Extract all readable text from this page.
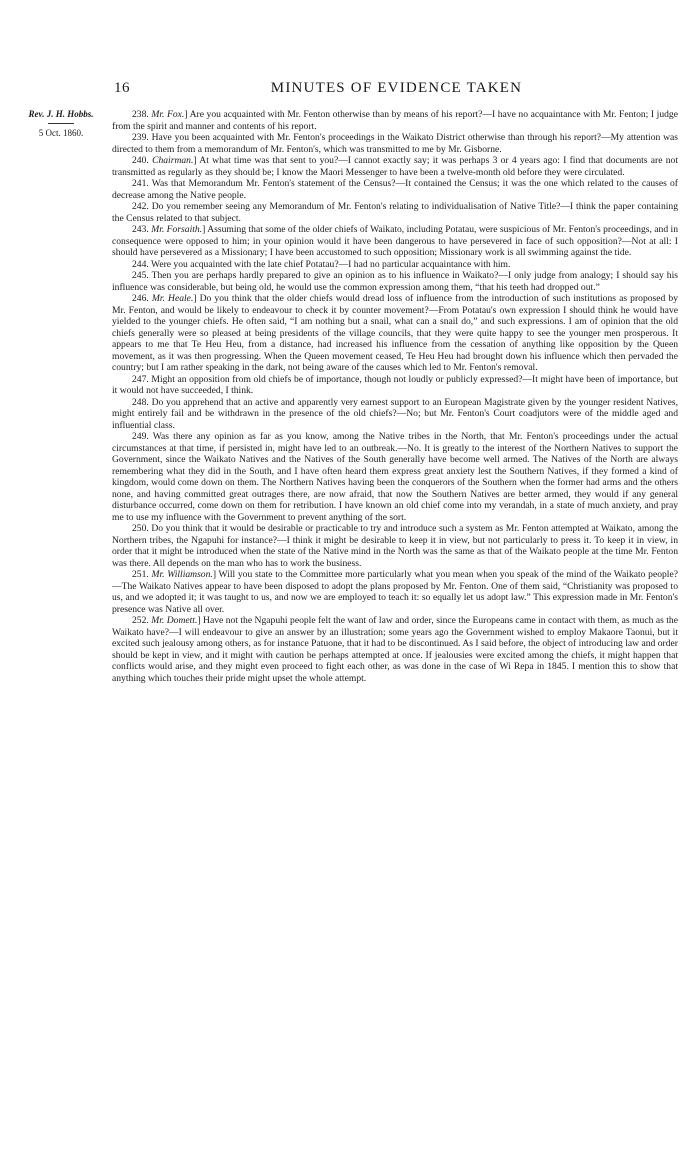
16	MINUTES OF EVIDENCE TAKEN
Rev. J. H. Hobbs.
5 Oct. 1860.

238. Mr. Fox.] Are you acquainted with Mr. Fenton otherwise than by means of his report?—I have no acquaintance with Mr. Fenton; I judge from the spirit and manner and contents of his report.

239. Have you been acquainted with Mr. Fenton's proceedings in the Waikato District otherwise than through his report?—My attention was directed to them from a memorandum of Mr. Fenton's, which was transmitted to me by Mr. Gisborne.

240. Chairman.] At what time was that sent to you?—I cannot exactly say; it was perhaps 3 or 4 years ago: I find that documents are not transmitted as regularly as they should be; I know the Maori Messenger to have been a twelve-month old before they were circulated.

241. Was that Memorandum Mr. Fenton's statement of the Census?—It contained the Census; it was the one which related to the causes of decrease among the Native people.

242. Do you remember seeing any Memorandum of Mr. Fenton's relating to individualisation of Native Title?—I think the paper containing the Census related to that subject.

243. Mr. Forsaith.] Assuming that some of the older chiefs of Waikato, including Potatau, were suspicious of Mr. Fenton's proceedings, and in consequence were opposed to him; in your opinion would it have been dangerous to have persevered in face of such opposition?—Not at all: I should have persevered as a Missionary; I have been accustomed to such opposition; Missionary work is all swimming against the tide.

244. Were you acquainted with the late chief Potatau?—I had no particular acquaintance with him.

245. Then you are perhaps hardly prepared to give an opinion as to his influence in Waikato?—I only judge from analogy; I should say his influence was considerable, but being old, he would use the common expression among them, “that his teeth had dropped out.”

246. Mr. Heale.] Do you think that the older chiefs would dread loss of influence from the introduction of such institutions as proposed by Mr. Fenton, and would be likely to endeavour to check it by counter movement?—From Potatau's own expression I should think he would have yielded to the younger chiefs. He often said, “I am nothing but a snail, what can a snail do,” and such expressions. I am of opinion that the old chiefs generally were so pleased at being presidents of the village councils, that they were quite happy to see the younger men prosperous. It appears to me that Te Heu Heu, from a distance, had increased his influence from the cessation of anything like opposition by the Queen movement, as it was then progressing. When the Queen movement ceased, Te Heu Heu had brought down his influence which then pervaded the country; but I am rather speaking in the dark, not being aware of the causes which led to Mr. Fenton's removal.

247. Might an opposition from old chiefs be of importance, though not loudly or publicly expressed?—It might have been of importance, but it would not have succeeded, I think.

248. Do you apprehend that an active and apparently very earnest support to an European Magistrate given by the younger resident Natives, might entirely fail and be withdrawn in the presence of the old chiefs?—No; but Mr. Fenton's Court coadjutors were of the middle aged and influential class.

249. Was there any opinion as far as you know, among the Native tribes in the North, that Mr. Fenton's proceedings under the actual circumstances at that time, if persisted in, might have led to an outbreak.—No. It is greatly to the interest of the Northern Natives to support the Government, since the Waikato Natives and the Natives of the South generally have become well armed. The Natives of the North are always remembering what they did in the South, and I have often heard them express great anxiety lest the Southern Natives, if they formed a kind of kingdom, would come down on them. The Northern Natives having been the conquerors of the Southern when the former had arms and the others none, and having committed great outrages there, are now afraid, that now the Southern Natives are better armed, they would if any general disturbance occurred, come down on them for retribution. I have known an old chief come into my verandah, in a state of much anxiety, and pray me to use my influence with the Government to prevent anything of the sort.

250. Do you think that it would be desirable or practicable to try and introduce such a system as Mr. Fenton attempted at Waikato, among the Northern tribes, the Ngapuhi for instance?—I think it might be desirable to keep it in view, but not particularly to press it. To keep it in view, in order that it might be introduced when the state of the Native mind in the North was the same as that of the Waikato people at the time Mr. Fenton was there. All depends on the man who has to work the business.

251. Mr. Williamson.] Will you state to the Committee more particularly what you mean when you speak of the mind of the Waikato people?—The Waikato Natives appear to have been disposed to adopt the plans proposed by Mr. Fenton. One of them said, “Christianity was proposed to us, and we adopted it; it was taught to us, and now we are employed to teach it: so equally let us adopt law.” This expression made in Mr. Fenton's presence was Native all over.

252. Mr. Domett.] Have not the Ngapuhi people felt the want of law and order, since the Europeans came in contact with them, as much as the Waikato have?—I will endeavour to give an answer by an illustration; some years ago the Government wished to employ Makaore Taonui, but it excited such jealousy among others, as for instance Patuone, that it had to be discontinued. As I said before, the object of introducing law and order should be kept in view, and it might with caution be perhaps attempted at once. If jealousies were excited among the chiefs, it might happen that conflicts would arise, and they might even proceed to fight each other, as was done in the case of Wi Repa in 1845. I mention this to show that anything which touches their pride might upset the whole attempt.
